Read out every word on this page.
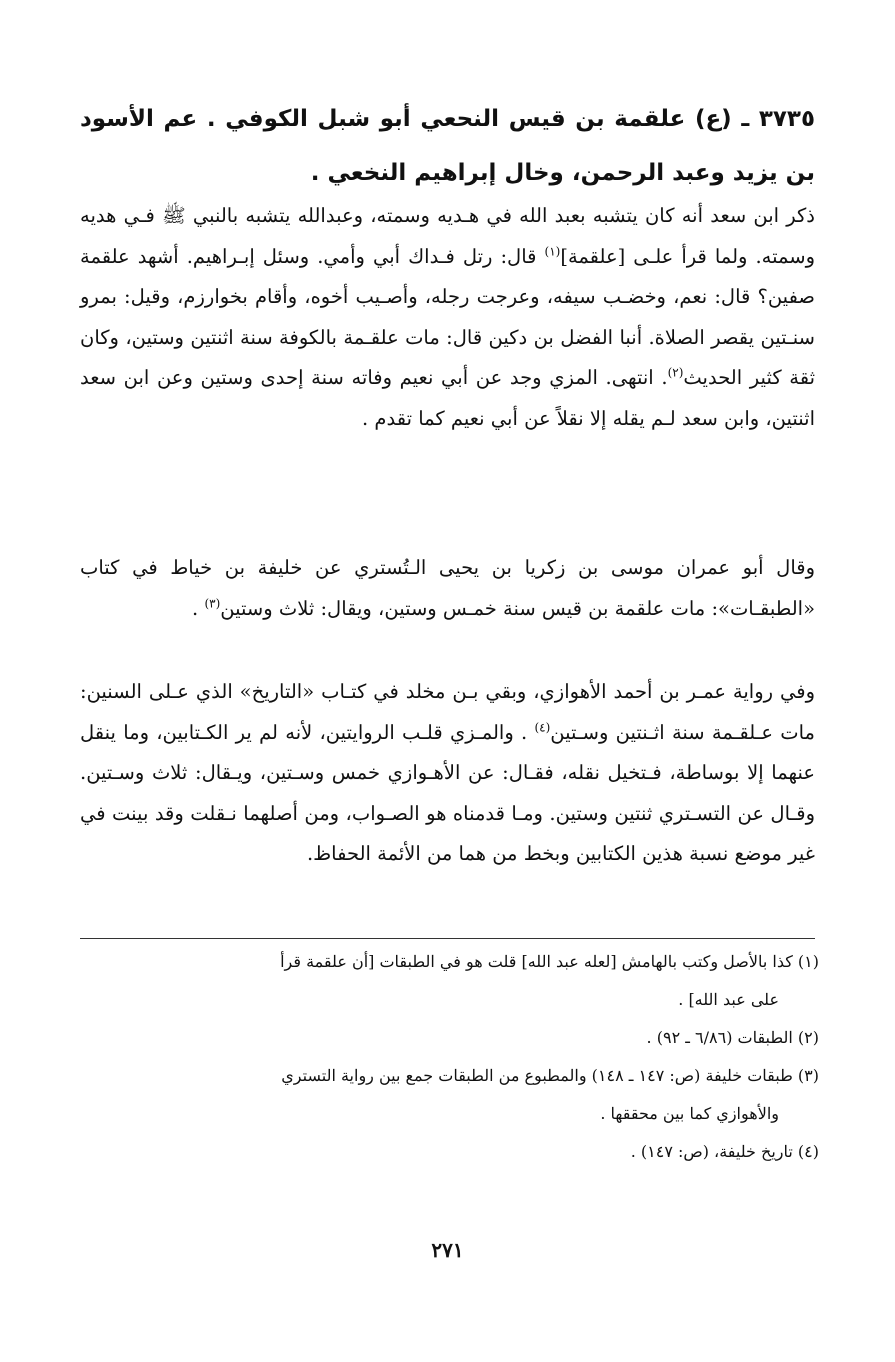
٣٧٣٥ ـ (ع) علقمة بن قيس النحعي أبو شبل الكوفي . عم الأسود بن يزيد وعبد الرحمن، وخال إبراهيم النخعي .
ذكر ابن سعد أنه كان يتشبه بعبد الله في هـديه وسمته، وعبدالله يتشبه بالنبي ﷺ فـي هديه وسمته. ولما قرأ علـى [علقمة]$^{(١)}$ قال: رتل فـداك أبي وأمي. وسئل إبـراهيم. أشهد علقمة صفين؟ قال: نعم، وخضـب سيفه، وعرجت رجله، وأصـيب أخوه، وأقام بخوارزم، وقيل: بمرو سنـتين يقصر الصلاة. أنبا الفضل بن دكين قال: مات علقـمة بالكوفة سنة اثنتين وستين، وكان ثقة كثير الحديث$^{(٢)}$. انتهى. المزي وجد عن أبي نعيم وفاته سنة إحدى وستين وعن ابن سعد اثنتين، وابن سعد لـم يقله إلا نقلاً عن أبي نعيم كما تقدم .
وقال أبو عمران موسى بن زكريا بن يحيى الـتُستري عن خليفة بن خياط في كتاب «الطبقـات»: مات علقمة بن قيس سنة خمـس وستين، ويقال: ثلاث وستين$^{(٣)}$ .
وفي رواية عمـر بن أحمد الأهوازي، وبقي بـن مخلد في كتـاب «التاريخ» الذي عـلى السنين: مات عـلقـمة سنة اثـنتين وسـتين$^{(٤)}$ . والمـزي قلـب الروايتين، لأنه لم ير الكـتابين، وما ينقل عنهما إلا بوساطة، فـتخيل نقله، فقـال: عن الأهـوازي خمس وسـتين، ويـقال: ثلاث وسـتين. وقـال عن التسـتري ثنتين وستين. ومـا قدمناه هو الصـواب، ومن أصلهما نـقلت وقد بينت في غير موضع نسبة هذين الكتابين وبخط من هما من الأئمة الحفاظ.
(١) كذا بالأصل وكتب بالهامش [لعله عبد الله] قلت هو في الطبقات [أن علقمة قرأ
على عبد الله] .
(٢) الطبقات (٦/٨٦ ـ ٩٢) .
(٣) طبقات خليفة (ص: ١٤٧ ـ ١٤٨) والمطبوع من الطبقات جمع بين رواية التستري
والأهوازي كما بين محققها .
(٤) تاريخ خليفة، (ص: ١٤٧) .
٢٧١
